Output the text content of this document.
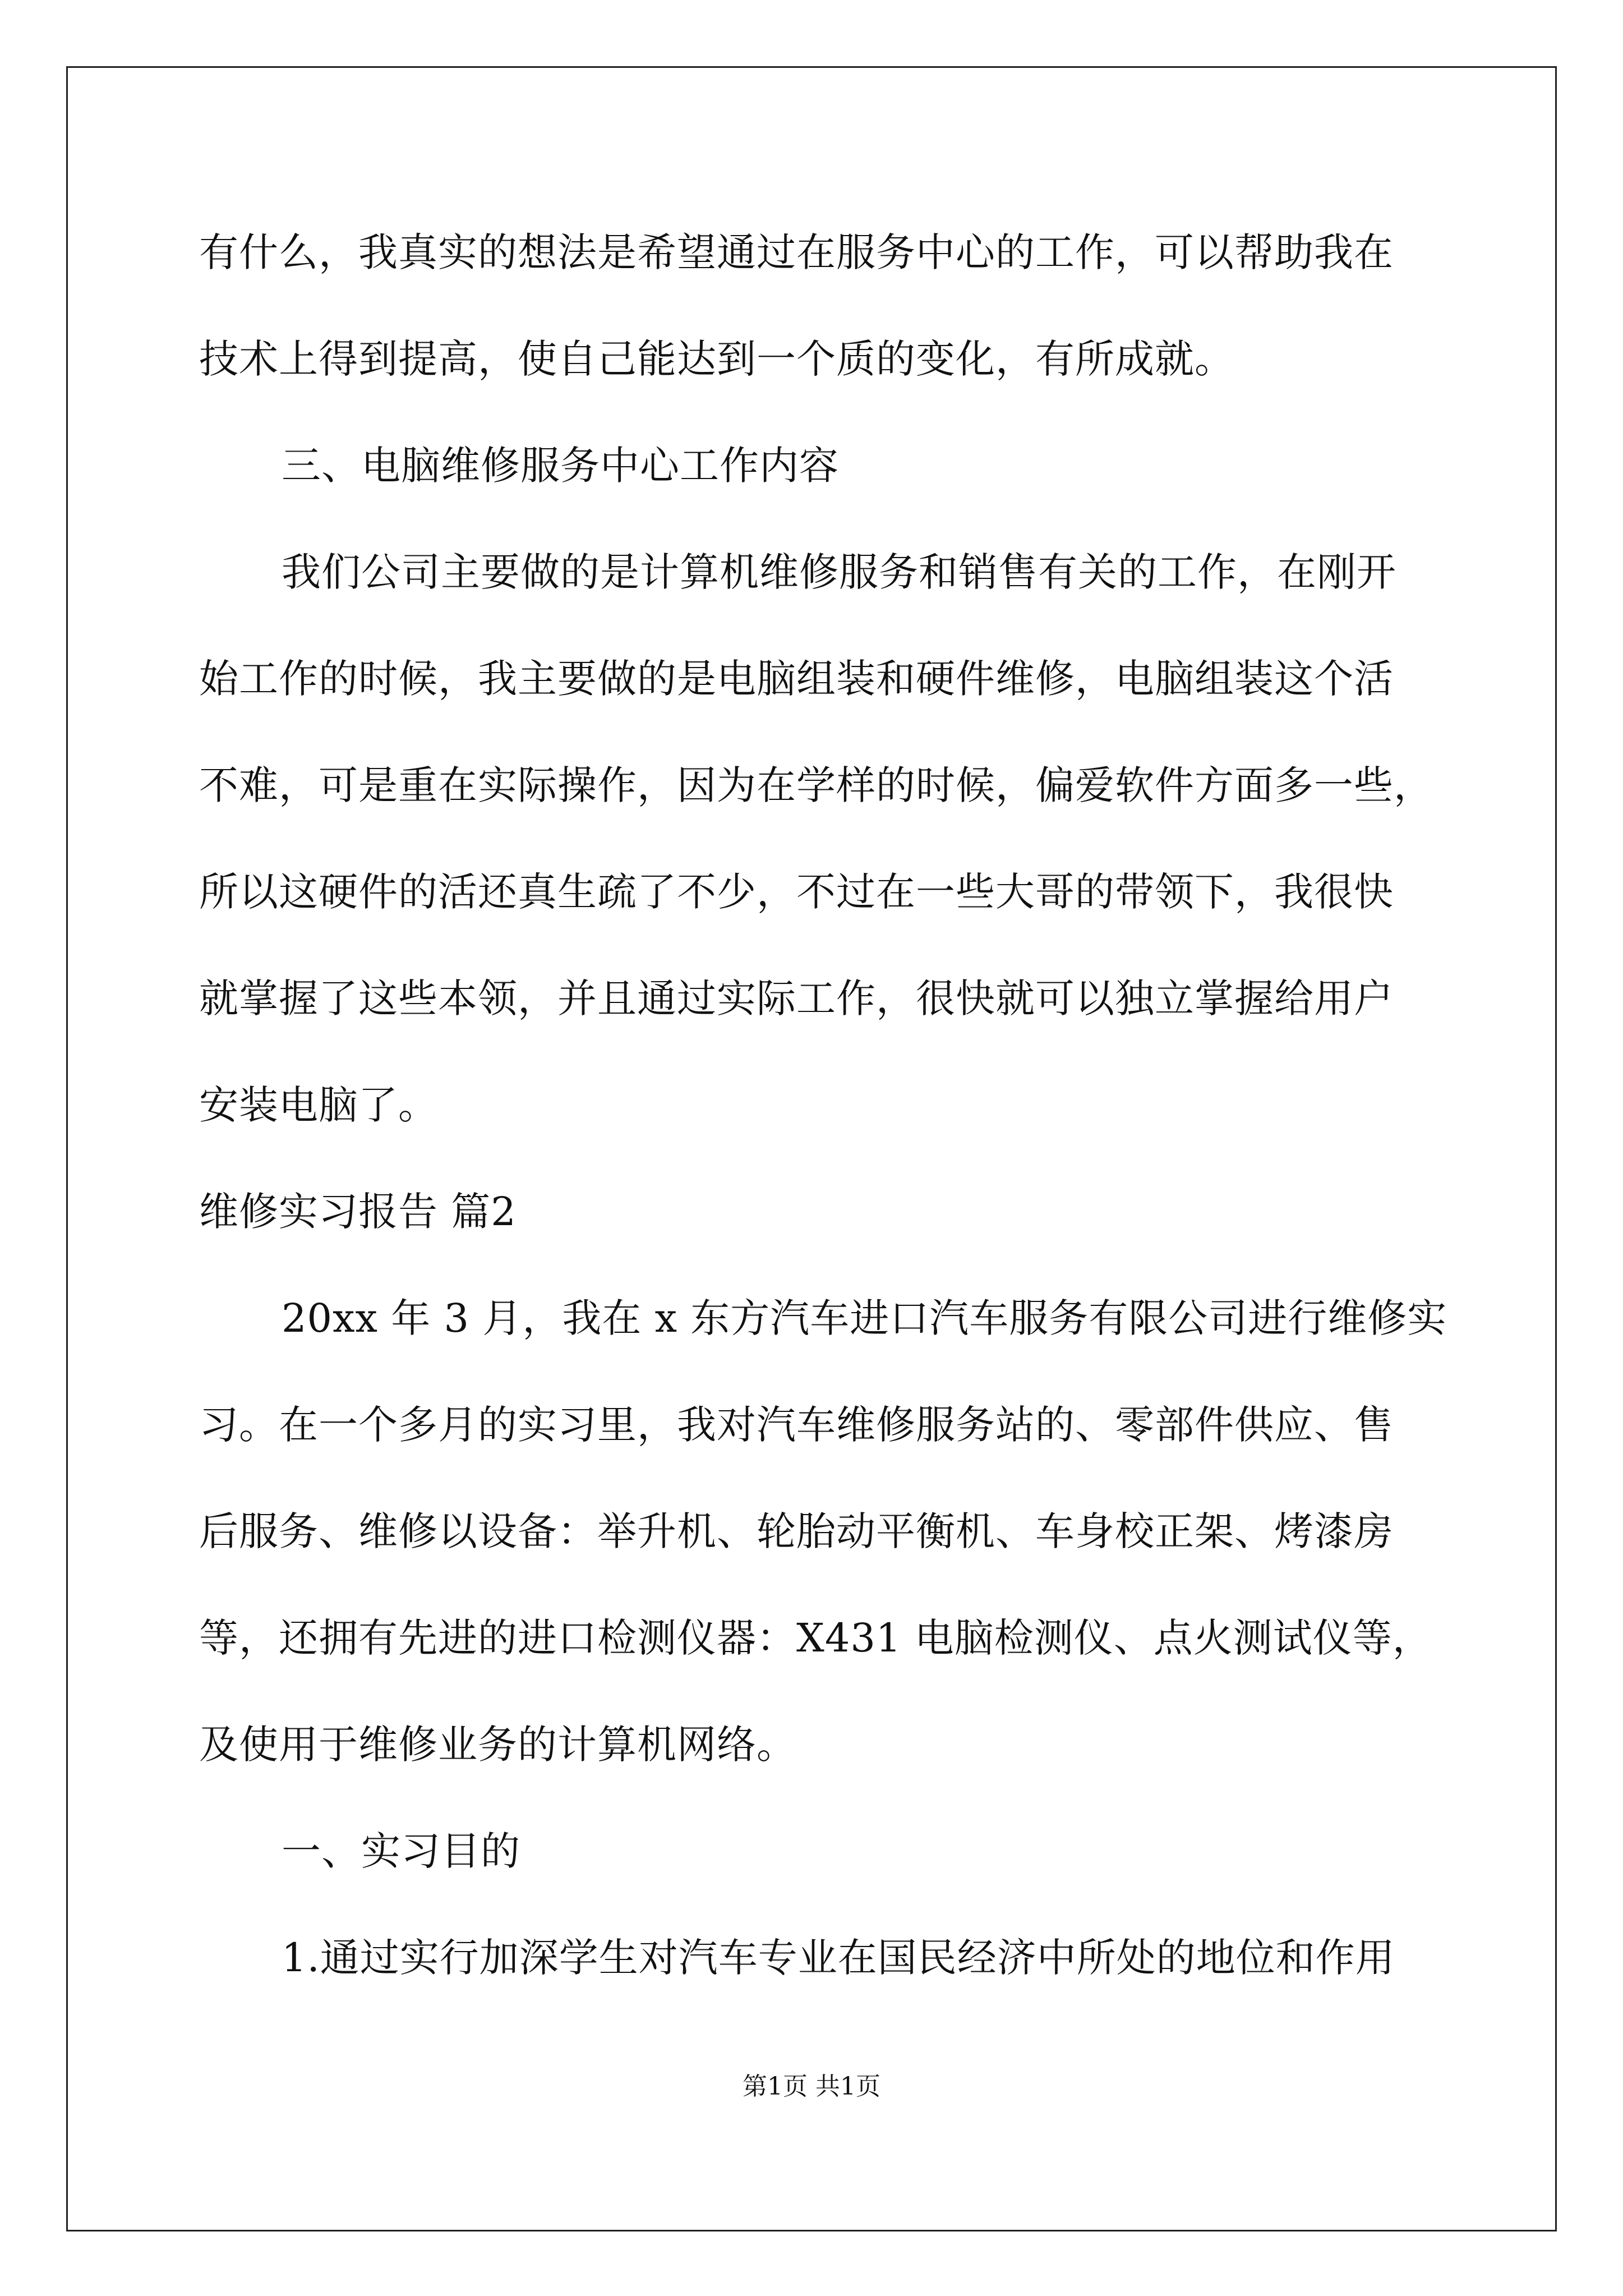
有什么，我真实的想法是希望通过在服务中心的工作，可以帮助我在
技术上得到提高，使自己能达到一个质的变化，有所成就。
三、电脑维修服务中心工作内容
我们公司主要做的是计算机维修服务和销售有关的工作，在刚开
始工作的时候，我主要做的是电脑组装和硬件维修，电脑组装这个活
不难，可是重在实际操作，因为在学样的时候，偏爱软件方面多一些，
所以这硬件的活还真生疏了不少，不过在一些大哥的带领下，我很快
就掌握了这些本领，并且通过实际工作，很快就可以独立掌握给用户
安装电脑了。
维修实习报告 篇2
20xx 年 3 月，我在 x 东方汽车进口汽车服务有限公司进行维修实
习。在一个多月的实习里，我对汽车维修服务站的、零部件供应、售
后服务、维修以设备：举升机、轮胎动平衡机、车身校正架、烤漆房
等，还拥有先进的进口检测仪器：X431 电脑检测仪、点火测试仪等，
及使用于维修业务的计算机网络。
一、实习目的
1.通过实行加深学生对汽车专业在国民经济中所处的地位和作用
第1页 共1页
